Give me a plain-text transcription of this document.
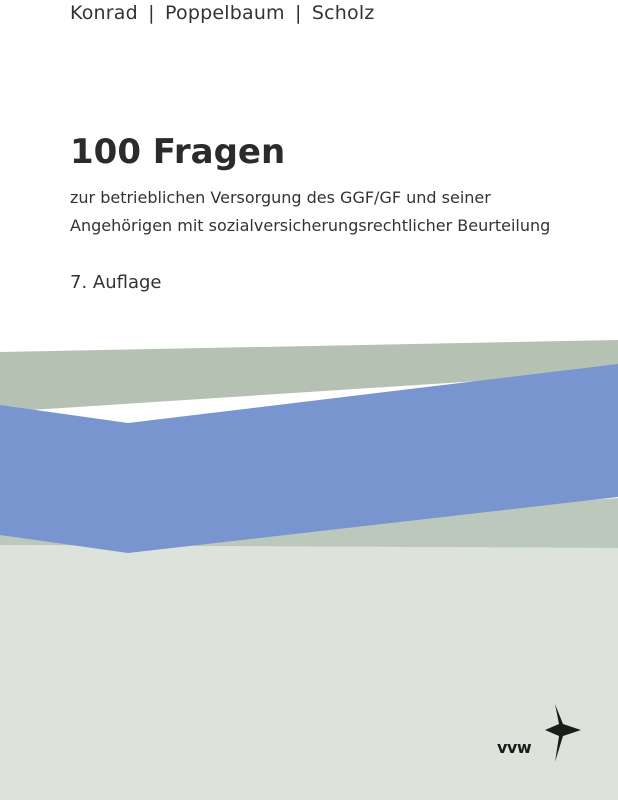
Konrad | Poppelbaum | Scholz
100 Fragen
zur betrieblichen Versorgung des GGF/GF und seiner
Angehörigen mit sozialversicherungsrechtlicher Beurteilung
7. Auflage
vvw
